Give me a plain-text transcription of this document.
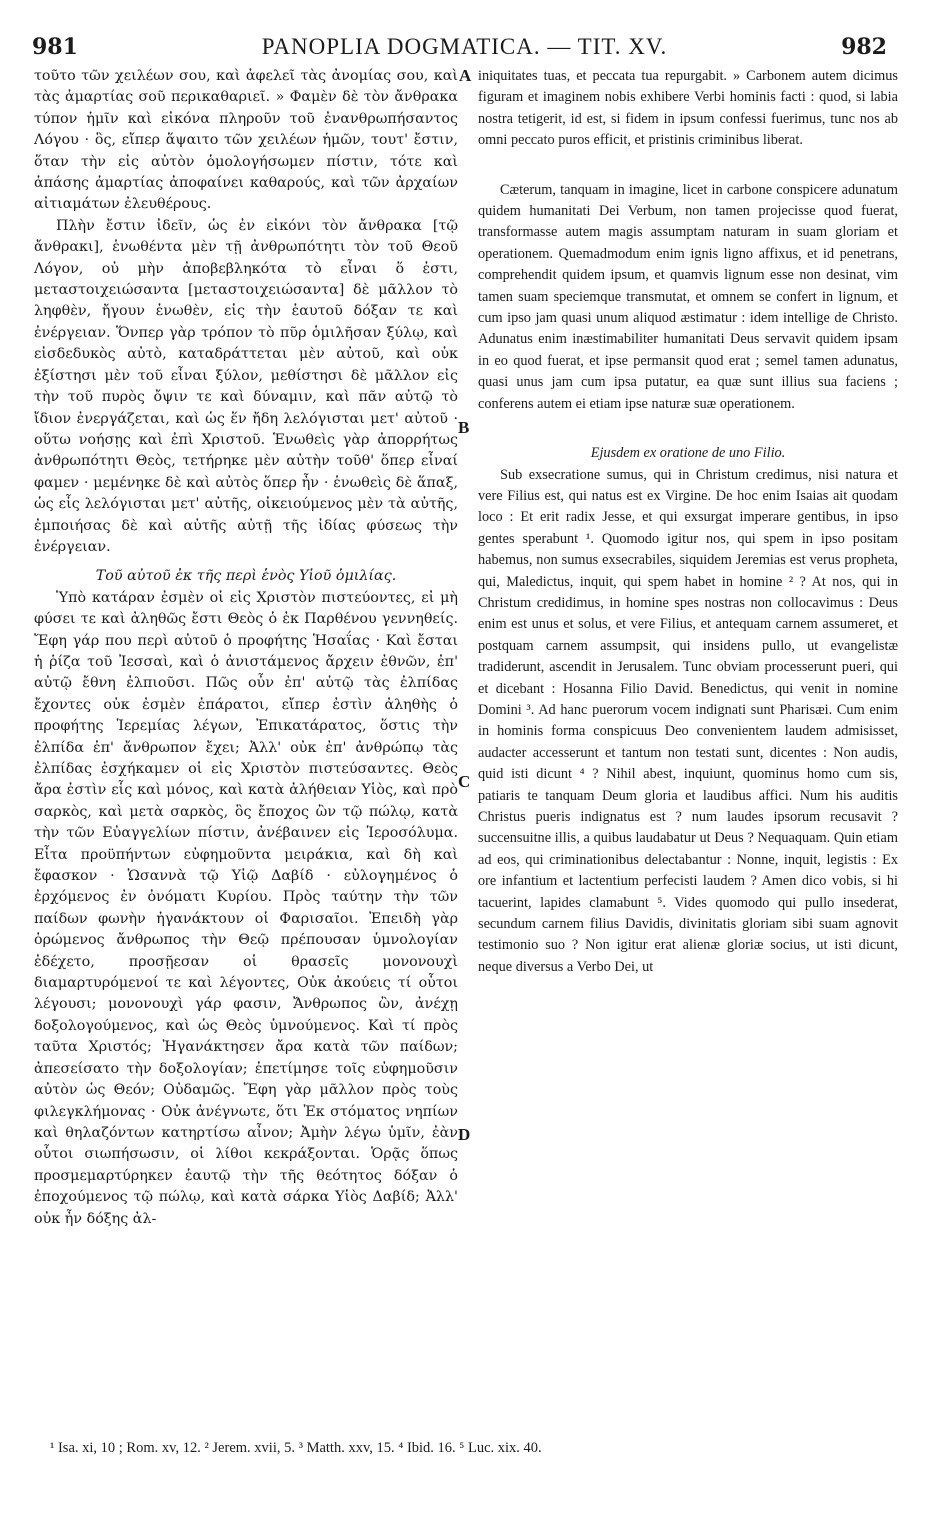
981	PANOPLIA DOGMATICA. — TIT. XV.	982

τοῦτο τῶν χειλέων σου, καὶ ἀφελεῖ τὰς ἀνομίας σου, καὶ τὰς ἁμαρτίας σοῦ περικαθαριεῖ. » Φαμὲν δὲ τὸν ἄνθρακα τύπον ἡμῖν καὶ εἰκόνα πληροῦν τοῦ ἐνανθρωπήσαντος Λόγου · ὃς, εἴπερ ἅψαιτο τῶν χειλέων ἡμῶν, τουτ' ἔστιν, ὅταν τὴν εἰς αὐτὸν ὁμολογήσωμεν πίστιν, τότε καὶ ἁπάσης ἁμαρτίας ἀποφαίνει καθαρούς, καὶ τῶν ἀρχαίων αἰτιαμάτων ἐλευθέρους.

Πλὴν ἔστιν ἰδεῖν, ὡς ἐν εἰκόνι τὸν ἄνθρακα [τῷ ἄνθρακι], ἑνωθέντα μὲν τῇ ἀνθρωπότητι τὸν τοῦ Θεοῦ Λόγον, οὐ μὴν ἀποβεβληκότα τὸ εἶναι ὅ ἐστι, μεταστοιχειώσαντα [μεταστοιχειώσαντα] δὲ μᾶλλον τὸ ληφθὲν, ἤγουν ἑνωθὲν, εἰς τὴν ἑαυτοῦ δόξαν τε καὶ ἐνέργειαν. Ὅνπερ γὰρ τρόπον τὸ πῦρ ὁμιλῆσαν ξύλῳ, καὶ εἰσδεδυκὸς αὐτὸ, καταδράττεται μὲν αὐτοῦ, καὶ οὐκ ἐξίστησι μὲν τοῦ εἶναι ξύλον, μεθίστησι δὲ μᾶλλον εἰς τὴν τοῦ πυρὸς ὄψιν τε καὶ δύναμιν, καὶ πᾶν αὐτῷ τὸ ἴδιον ἐνεργάζεται, καὶ ὡς ἕν ἤδη λελόγισται μετ' αὐτοῦ · οὕτω νοήσῃς καὶ ἐπὶ Χριστοῦ. Ἑνωθεὶς γὰρ ἀπορρήτως ἀνθρωπότητι Θεὸς, τετήρηκε μὲν αὐτὴν τοῦθ' ὅπερ εἶναί φαμεν · μεμένηκε δὲ καὶ αὐτὸς ὅπερ ἦν · ἑνωθεὶς δὲ ἅπαξ, ὡς εἷς λελόγισται μετ' αὐτῆς, οἰκειούμενος μὲν τὰ αὐτῆς, ἐμποιήσας δὲ καὶ αὐτῆς αὐτῇ τῆς ἰδίας φύσεως τὴν ἐνέργειαν.

Τοῦ αὐτοῦ ἐκ τῆς περὶ ἑνὸς Υἱοῦ ὁμιλίας.

Ὑπὸ κατάραν ἐσμὲν οἱ εἰς Χριστὸν πιστεύοντες, εἰ μὴ φύσει τε καὶ ἀληθῶς ἔστι Θεὸς ὁ ἐκ Παρθένου γεννηθείς. Ἔφη γάρ που περὶ αὐτοῦ ὁ προφήτης Ἡσαΐας · Καὶ ἔσται ἡ ῥίζα τοῦ Ἰεσσαὶ, καὶ ὁ ἀνιστάμενος ἄρχειν ἐθνῶν, ἐπ' αὐτῷ ἔθνη ἐλπιοῦσι. Πῶς οὖν ἐπ' αὐτῷ τὰς ἐλπίδας ἔχοντες οὐκ ἐσμὲν ἐπάρατοι, εἴπερ ἐστὶν ἀληθὴς ὁ προφήτης Ἱερεμίας λέγων, Ἐπικατάρατος, ὅστις τὴν ἐλπίδα ἐπ' ἄνθρωπον ἔχει; Ἀλλ' οὐκ ἐπ' ἀνθρώπῳ τὰς ἐλπίδας ἐσχήκαμεν οἱ εἰς Χριστὸν πιστεύσαντες. Θεὸς ἄρα ἐστὶν εἷς καὶ μόνος, καὶ κατὰ ἀλήθειαν Υἱὸς, καὶ πρὸ σαρκὸς, καὶ μετὰ σαρκὸς, ὃς ἔποχος ὢν τῷ πώλῳ, κατὰ τὴν τῶν Εὐαγγελίων πίστιν, ἀνέβαινεν εἰς Ἱεροσόλυμα. Εἶτα προϋπήντων εὐφημοῦντα μειράκια, καὶ δὴ καὶ ἔφασκον · Ὡσαννὰ τῷ Υἱῷ Δαβίδ · εὐλογημένος ὁ ἐρχόμενος ἐν ὀνόματι Κυρίου. Πρὸς ταύτην τὴν τῶν παίδων φωνὴν ἠγανάκτουν οἱ Φαρισαῖοι. Ἐπειδὴ γὰρ ὁρώμενος ἄνθρωπος τὴν Θεῷ πρέπουσαν ὑμνολογίαν ἐδέχετο, προσῇεσαν οἱ θρασεῖς μονονουχὶ διαμαρτυρόμενοί τε καὶ λέγοντες, Οὐκ ἀκούεις τί οὗτοι λέγουσι; μονονουχὶ γάρ φασιν, Ἄνθρωπος ὢν, ἀνέχῃ δοξολογούμενος, καὶ ὡς Θεὸς ὑμνούμενος. Καὶ τί πρὸς ταῦτα Χριστός; Ἠγανάκτησεν ἄρα κατὰ τῶν παίδων; ἀπεσείσατο τὴν δοξολογίαν; ἐπετίμησε τοῖς εὐφημοῦσιν αὐτὸν ὡς Θεόν; Οὐδαμῶς. Ἔφη γὰρ μᾶλλον πρὸς τοὺς φιλεγκλήμονας · Οὐκ ἀνέγνωτε, ὅτι Ἐκ στόματος νηπίων καὶ θηλαζόντων κατηρτίσω αἶνον; Ἀμὴν λέγω ὑμῖν, ἐὰν οὗτοι σιωπήσωσιν, οἱ λίθοι κεκράξονται. Ὁρᾷς ὅπως προσμεμαρτύρηκεν ἑαυτῷ τὴν τῆς θεότητος δόξαν ὁ ἐποχούμενος τῷ πώλῳ, καὶ κατὰ σάρκα Υἱὸς Δαβίδ; Ἀλλ' οὐκ ἦν δόξης ἀλ-

A
B
C
D

iniquitates tuas, et peccata tua repurgabit. » Carbonem autem dicimus figuram et imaginem nobis exhibere Verbi hominis facti : quod, si labia nostra tetigerit, id est, si fidem in ipsum confessi fuerimus, tunc nos ab omni peccato puros efficit, et pristinis criminibus liberat.

Cæterum, tanquam in imagine, licet in carbone conspicere adunatum quidem humanitati Dei Verbum, non tamen projecisse quod fuerat, transformasse autem magis assumptam naturam in suam gloriam et operationem. Quemadmodum enim ignis ligno affixus, et id penetrans, comprehendit quidem ipsum, et quamvis lignum esse non desinat, vim tamen suam speciemque transmutat, et omnem se confert in lignum, et cum ipso jam quasi unum aliquod æstimatur : idem intellige de Christo. Adunatus enim inæstimabiliter humanitati Deus servavit quidem ipsam in eo quod fuerat, et ipse permansit quod erat ; semel tamen adunatus, quasi unus jam cum ipsa putatur, ea quæ sunt illius sua faciens ; conferens autem ei etiam ipse naturæ suæ operationem.

Ejusdem ex oratione de uno Filio.

Sub exsecratione sumus, qui in Christum credimus, nisi natura et vere Filius est, qui natus est ex Virgine. De hoc enim Isaias ait quodam loco : Et erit radix Jesse, et qui exsurgat imperare gentibus, in ipso gentes sperabunt ¹. Quomodo igitur nos, qui spem in ipso positam habemus, non sumus exsecrabiles, siquidem Jeremias est verus propheta, qui, Maledictus, inquit, qui spem habet in homine ² ? At nos, qui in Christum credidimus, in homine spes nostras non collocavimus : Deus enim est unus et solus, et vere Filius, et antequam carnem assumeret, et postquam carnem assumpsit, qui insidens pullo, ut evangelistæ tradiderunt, ascendit in Jerusalem. Tunc obviam processerunt pueri, qui et dicebant : Hosanna Filio David. Benedictus, qui venit in nomine Domini ³. Ad hanc puerorum vocem indignati sunt Pharisæi. Cum enim in hominis forma conspicuus Deo convenientem laudem admisisset, audacter accesserunt et tantum non testati sunt, dicentes : Non audis, quid isti dicunt ⁴ ? Nihil abest, inquiunt, quominus homo cum sis, patiaris te tanquam Deum gloria et laudibus affici. Num his auditis Christus pueris indignatus est ? num laudes ipsorum recusavit ? succensuitne illis, a quibus laudabatur ut Deus ? Nequaquam. Quin etiam ad eos, qui criminationibus delectabantur : Nonne, inquit, legistis : Ex ore infantium et lactentium perfecisti laudem ? Amen dico vobis, si hi tacuerint, lapides clamabunt ⁵. Vides quomodo qui pullo insederat, secundum carnem filius Davidis, divinitatis gloriam sibi suam agnovit testimonio suo ? Non igitur erat alienæ gloriæ socius, ut isti dicunt, neque diversus a Verbo Dei, ut

¹ Isa. xi, 10 ; Rom. xv, 12. ² Jerem. xvii, 5. ³ Matth. xxv, 15. ⁴ Ibid. 16. ⁵ Luc. xix. 40.
